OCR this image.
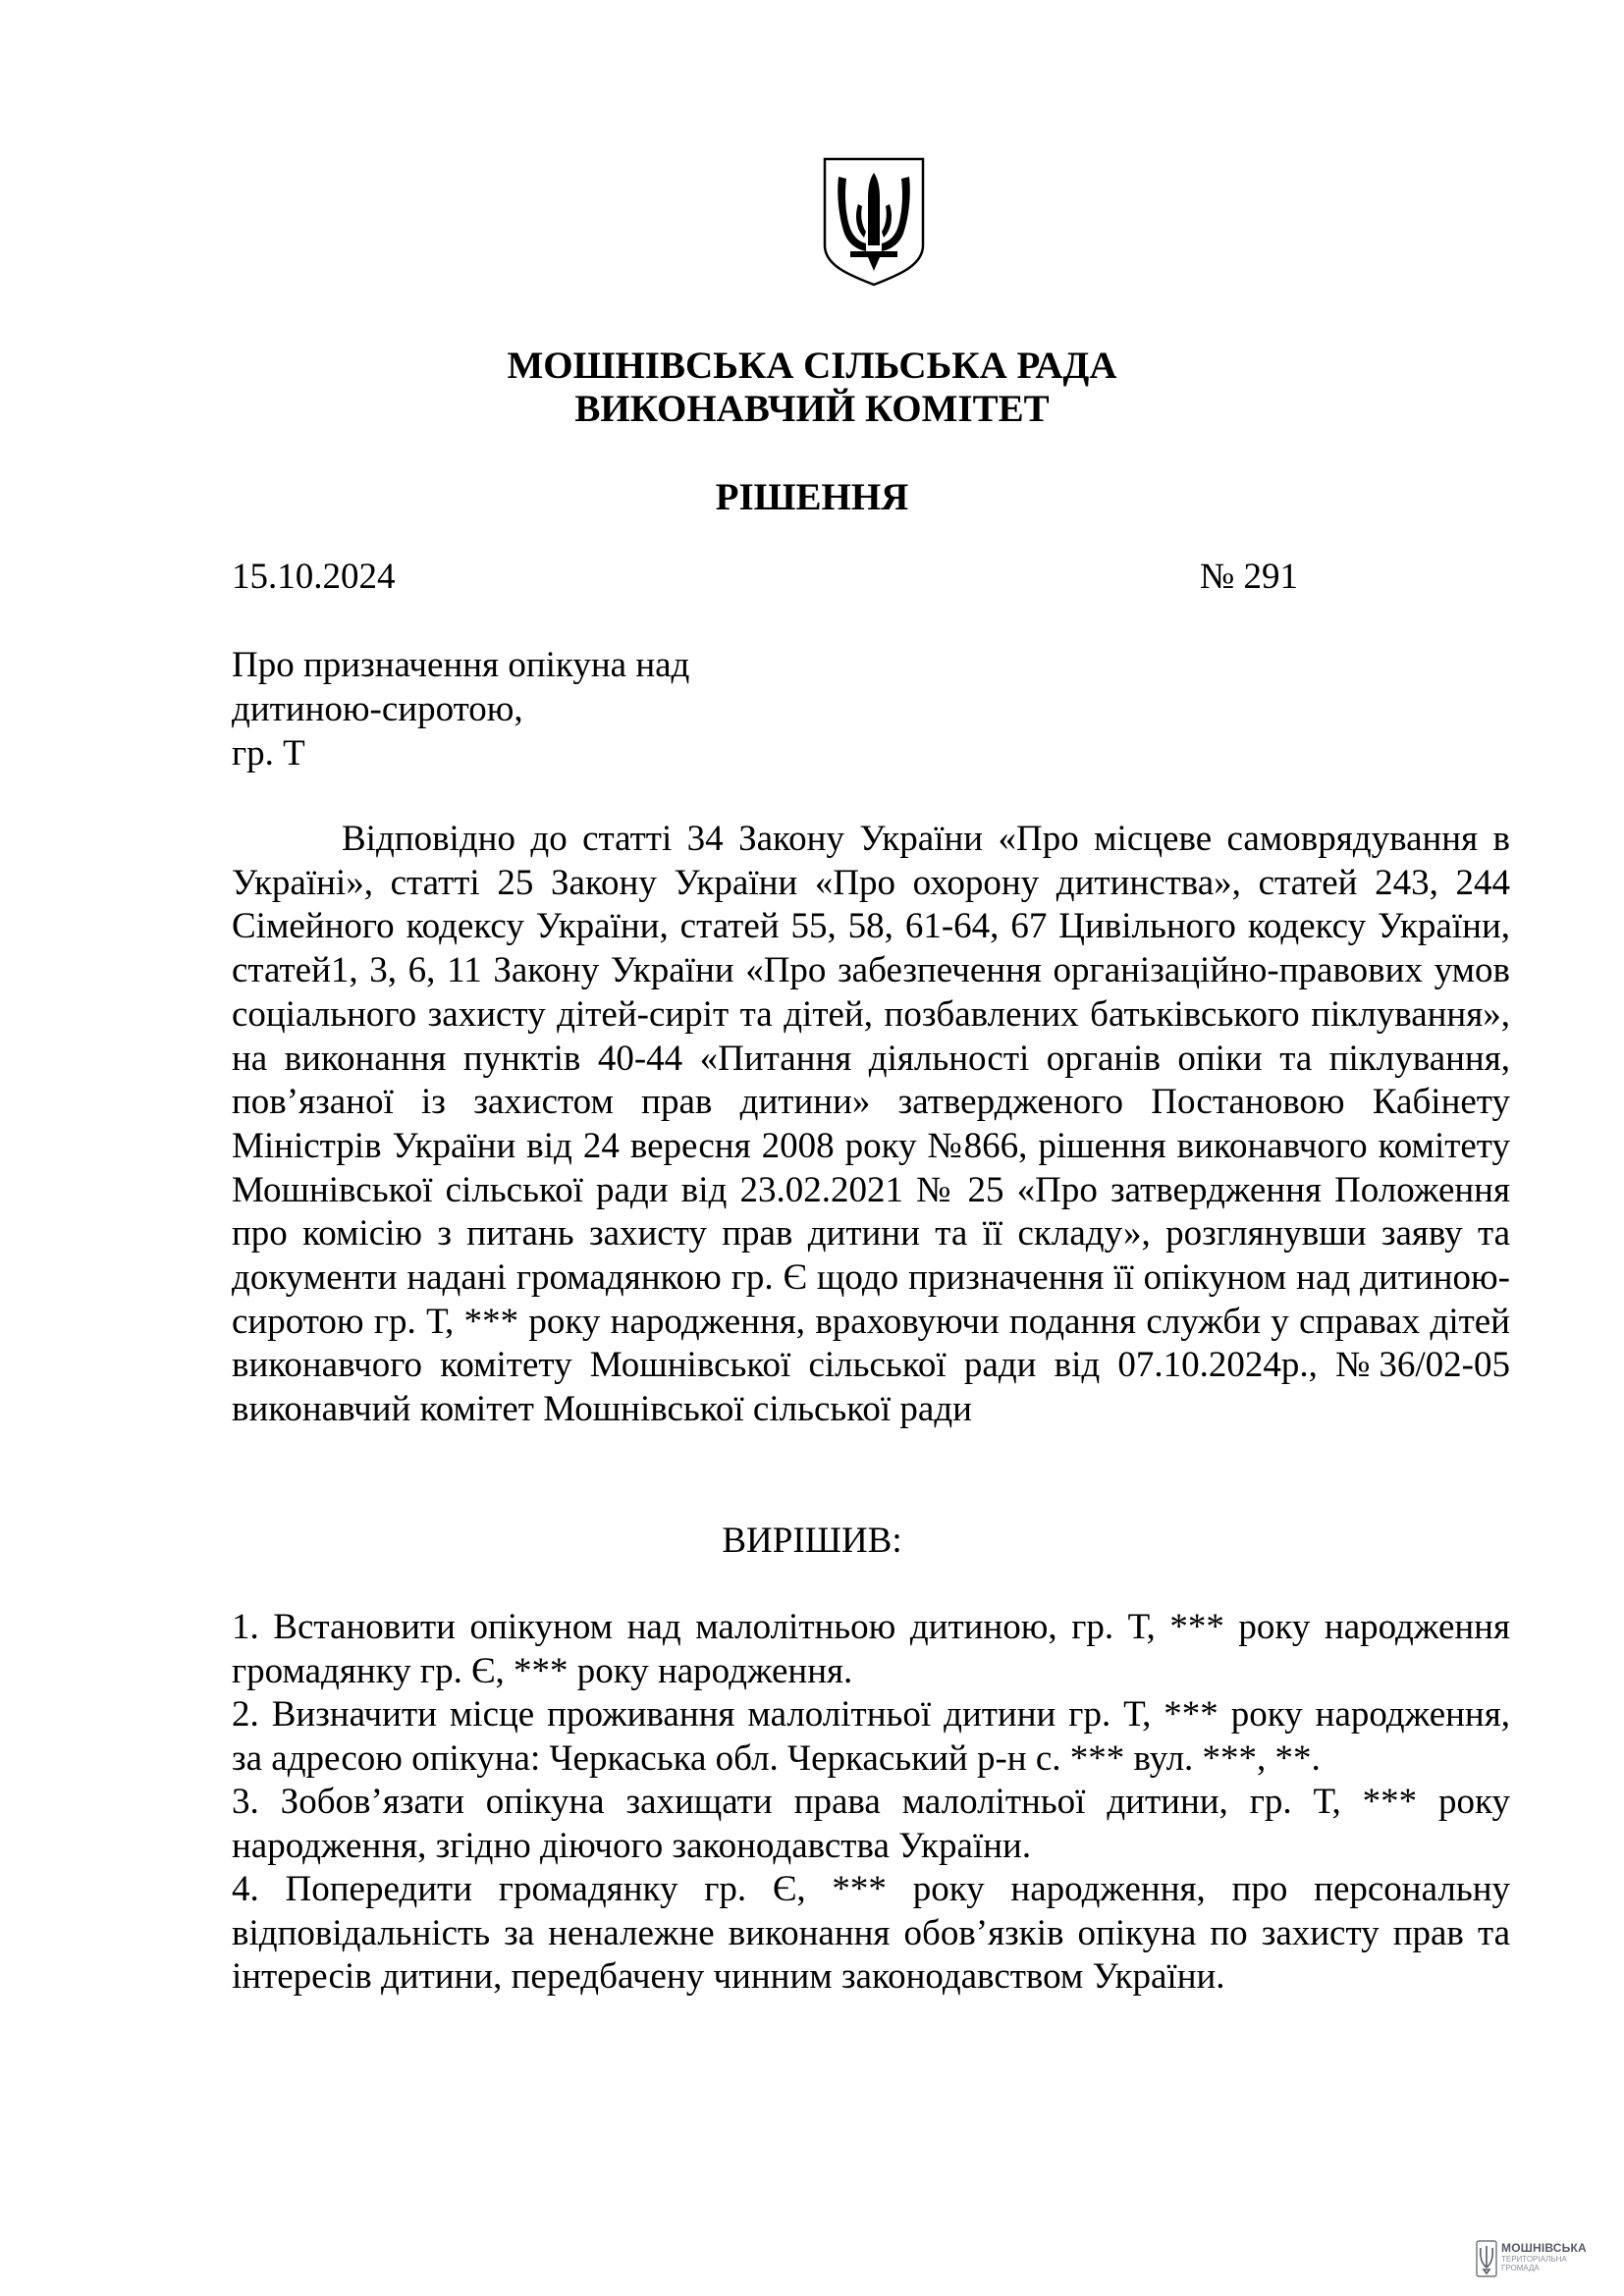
МОШНІВСЬКА СІЛЬСЬКА РАДА
ВИКОНАВЧИЙ КОМІТЕТ
РІШЕННЯ
15.10.2024	№ 291
Про призначення опікуна над
дитиною-сиротою,
гр. Т

Відповідно до статті 34 Закону України «Про місцеве самоврядування в Україні», статті 25 Закону України «Про охорону дитинства», статей 243, 244 Сімейного кодексу України, статей 55, 58, 61-64, 67 Цивільного кодексу України, статей1, 3, 6, 11 Закону України «Про забезпечення організаційно-правових умов соціального захисту дітей-сиріт та дітей, позбавлених батьківського піклування», на виконання пунктів 40-44 «Питання діяльності органів опіки та піклування, пов’язаної із захистом прав дитини» затвердженого Постановою Кабінету Міністрів України від 24 вересня 2008 року №866, рішення виконавчого комітету Мошнівської сільської ради від 23.02.2021 № 25 «Про затвердження Положення про комісію з питань захисту прав дитини та її складу», розглянувши заяву та документи надані громадянкою гр. Є щодо призначення її опікуном над дитиною-сиротою гр. Т, *** року народження, враховуючи подання служби у справах дітей виконавчого комітету Мошнівської сільської ради від 07.10.2024р., №36/02-05 виконавчий комітет Мошнівської сільської ради

ВИРІШИВ:

1. Встановити опікуном над малолітньою дитиною, гр. Т, *** року народження громадянку гр. Є, *** року народження.

2. Визначити місце проживання малолітньої дитини гр. Т, *** року народження, за адресою опікуна: Черкаська обл. Черкаський р-н с. *** вул. ***, **.

3. Зобов’язати опікуна захищати права малолітньої дитини, гр. Т, *** року народження, згідно діючого законодавства України.

4. Попередити громадянку гр. Є, *** року народження, про персональну відповідальність за неналежне виконання обов’язків опікуна по захисту прав та інтересів дитини, передбачену чинним законодавством України.

МОШНІВСЬКА
ТЕРИТОРІАЛЬНА
ГРОМАДА
